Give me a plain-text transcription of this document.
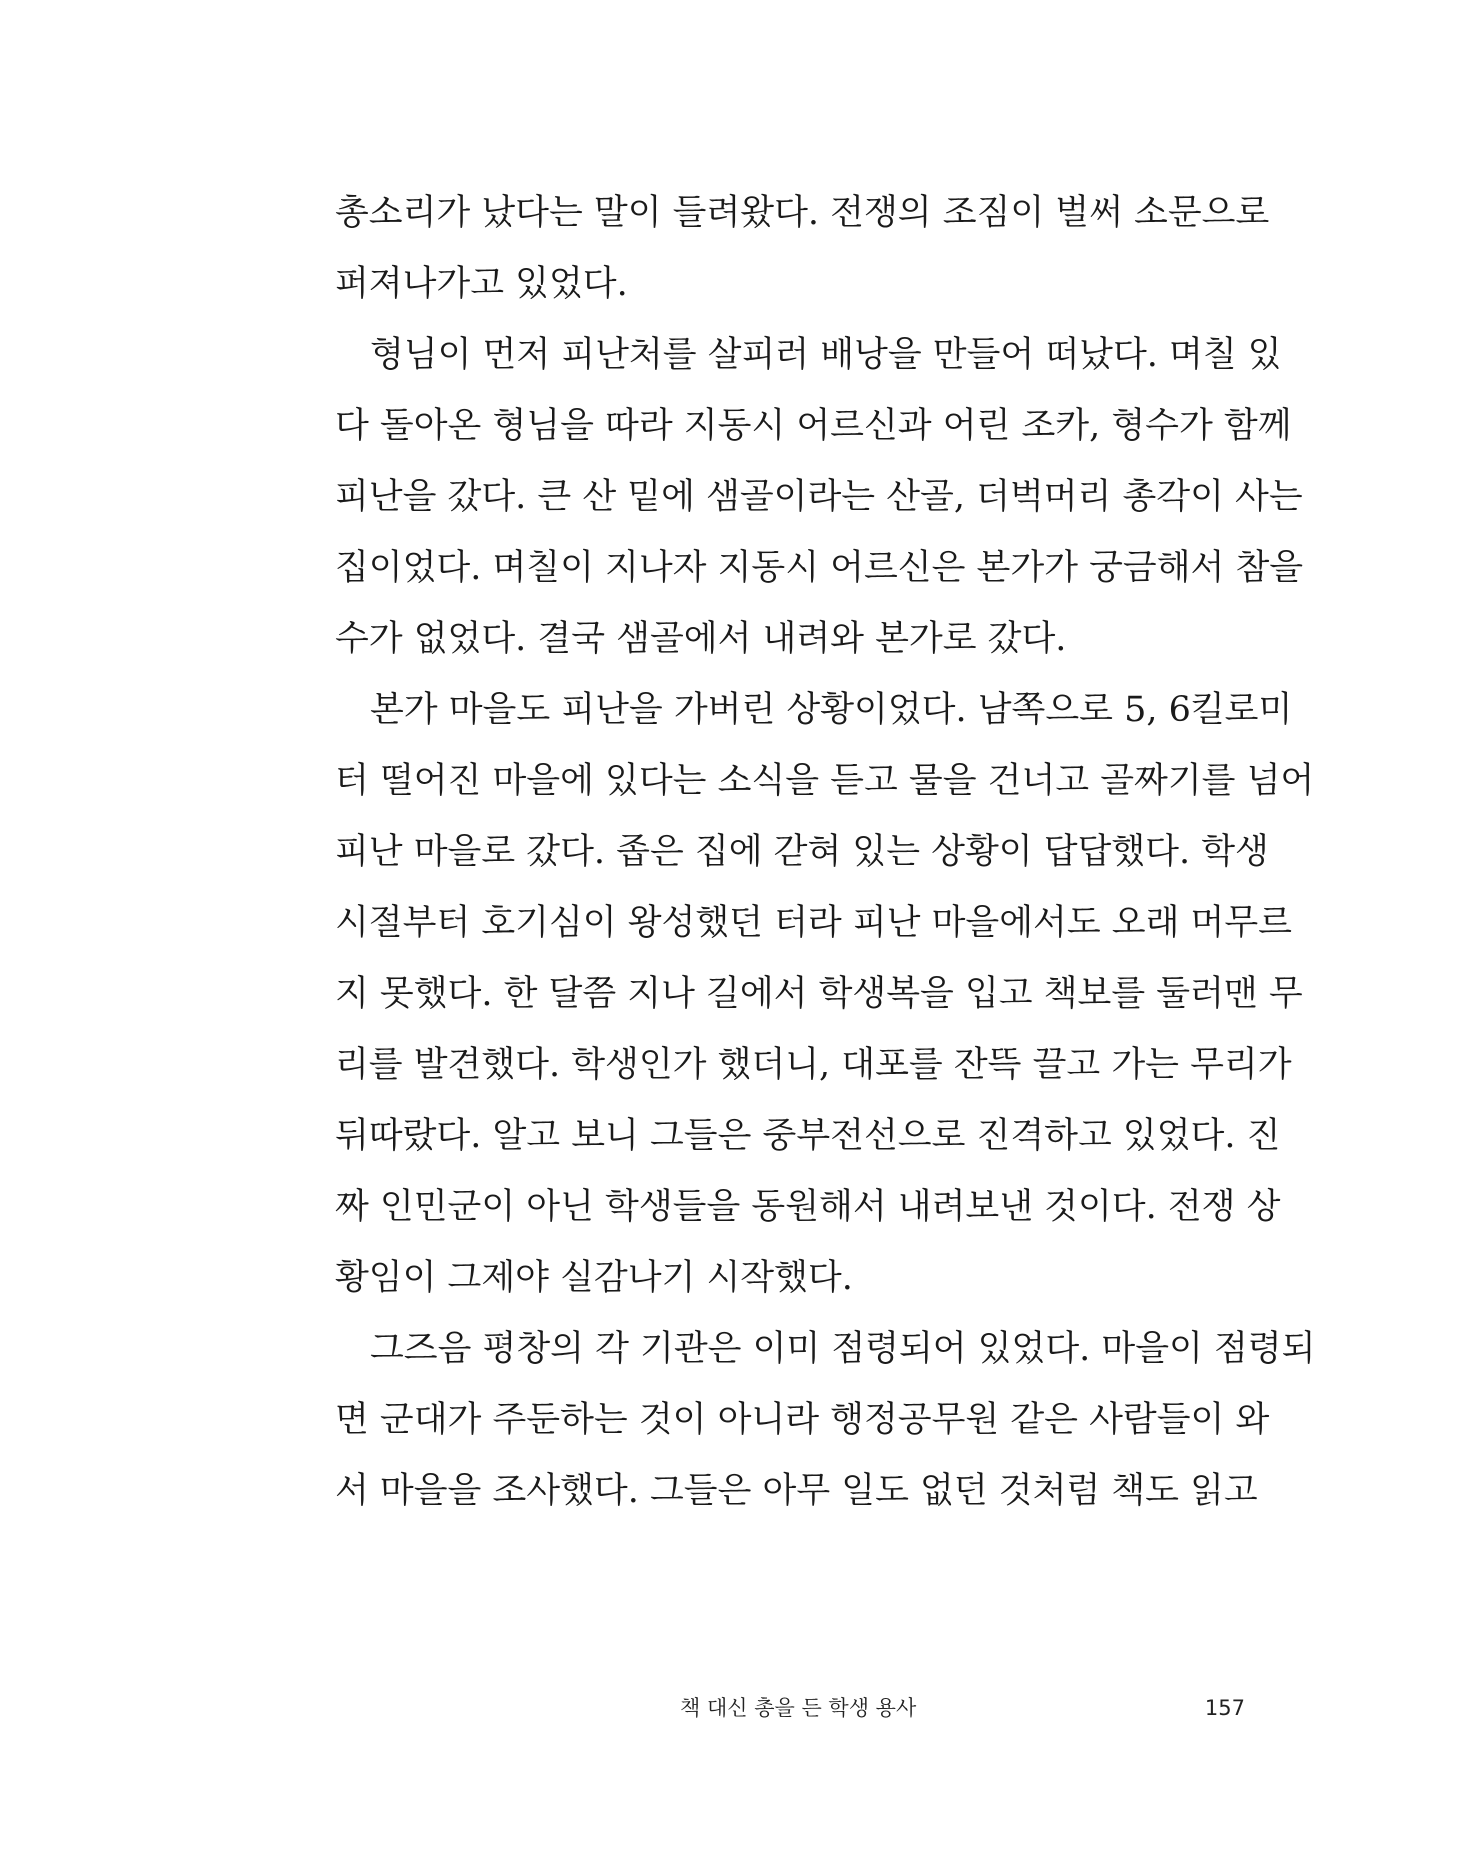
총소리가 났다는 말이 들려왔다. 전쟁의 조짐이 벌써 소문으로
퍼져나가고 있었다.
형님이 먼저 피난처를 살피러 배낭을 만들어 떠났다. 며칠 있
다 돌아온 형님을 따라 지동시 어르신과 어린 조카, 형수가 함께
피난을 갔다. 큰 산 밑에 샘골이라는 산골, 더벅머리 총각이 사는
집이었다. 며칠이 지나자 지동시 어르신은 본가가 궁금해서 참을
수가 없었다. 결국 샘골에서 내려와 본가로 갔다.
본가 마을도 피난을 가버린 상황이었다. 남쪽으로 5, 6킬로미
터 떨어진 마을에 있다는 소식을 듣고 물을 건너고 골짜기를 넘어
피난 마을로 갔다. 좁은 집에 갇혀 있는 상황이 답답했다. 학생
시절부터 호기심이 왕성했던 터라 피난 마을에서도 오래 머무르
지 못했다. 한 달쯤 지나 길에서 학생복을 입고 책보를 둘러맨 무
리를 발견했다. 학생인가 했더니, 대포를 잔뜩 끌고 가는 무리가
뒤따랐다. 알고 보니 그들은 중부전선으로 진격하고 있었다. 진
짜 인민군이 아닌 학생들을 동원해서 내려보낸 것이다. 전쟁 상
황임이 그제야 실감나기 시작했다.
그즈음 평창의 각 기관은 이미 점령되어 있었다. 마을이 점령되
면 군대가 주둔하는 것이 아니라 행정공무원 같은 사람들이 와
서 마을을 조사했다. 그들은 아무 일도 없던 것처럼 책도 읽고
책 대신 총을 든 학생 용사	157
